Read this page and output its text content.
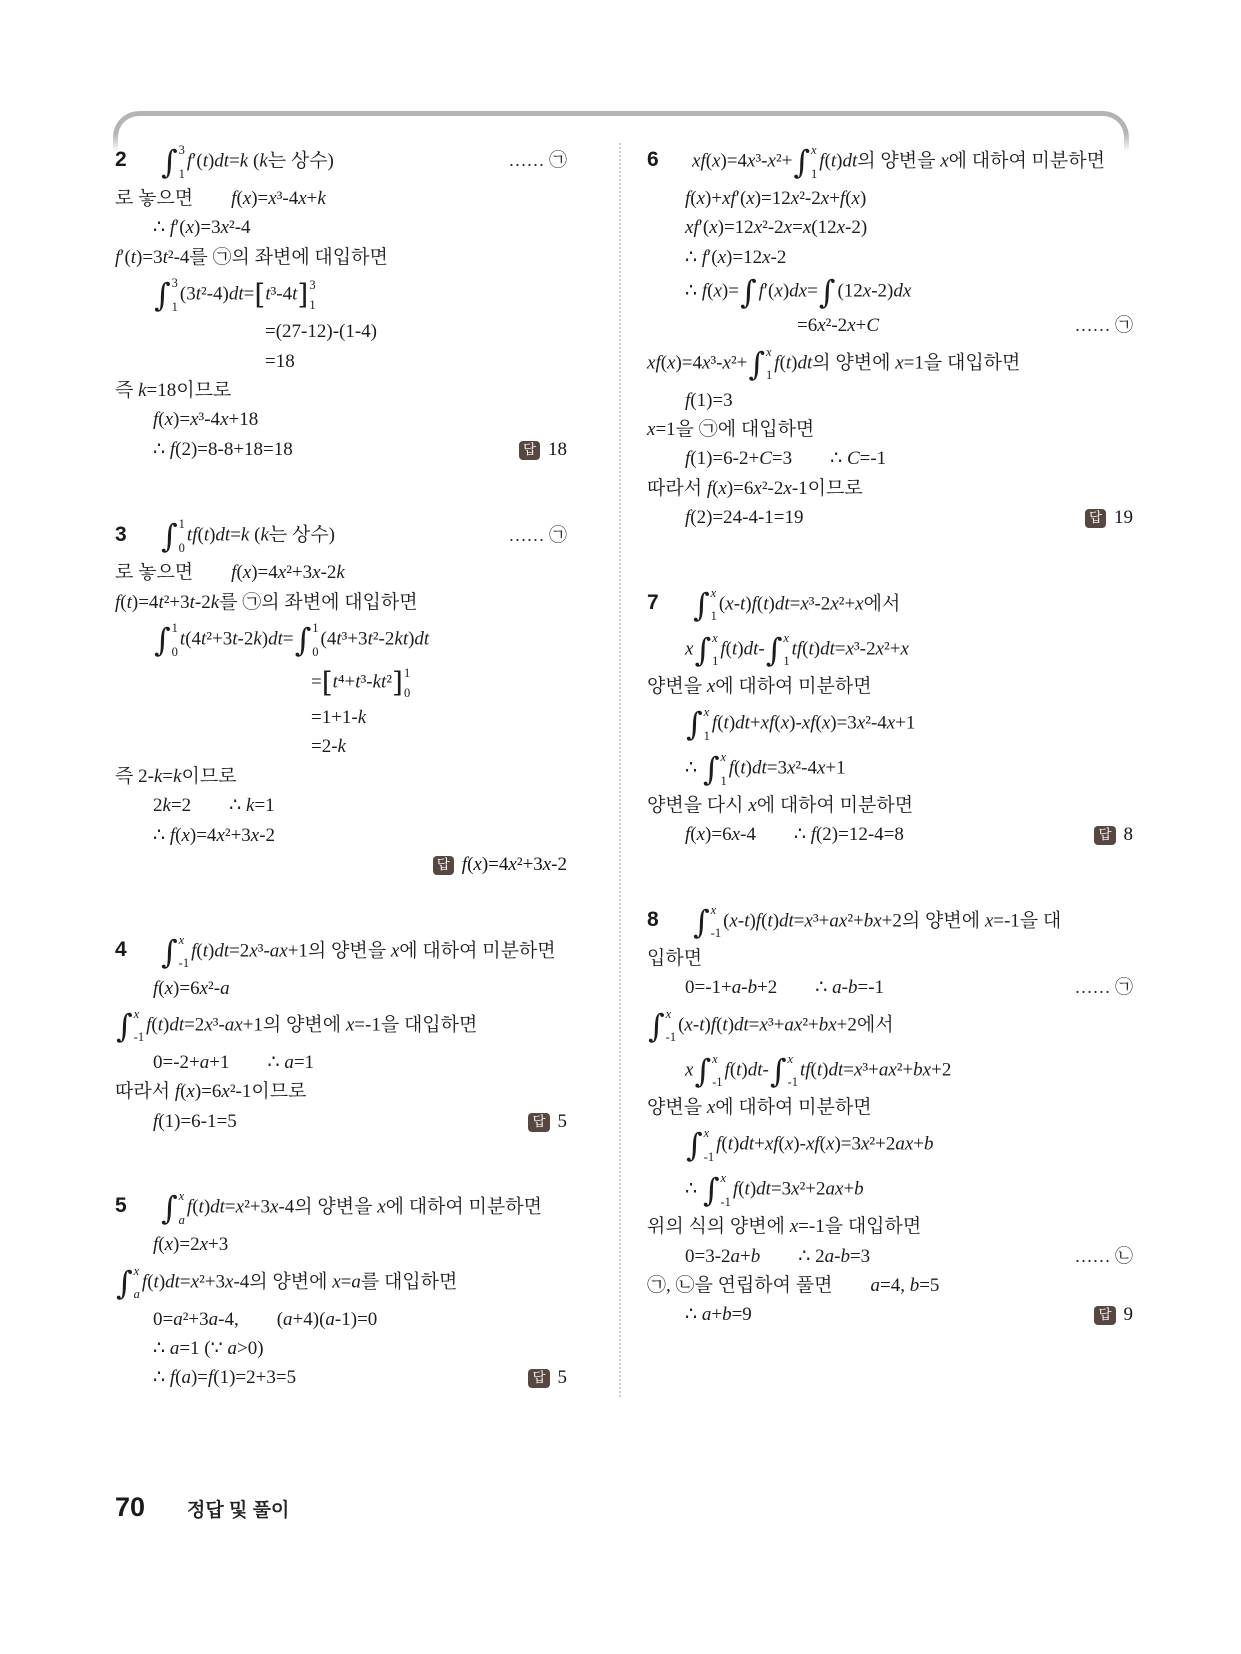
2	∫ 3
1
f′(t)dt=k (k는 상수)	…… ㉠
로 놓으면  f(x)=x³-4x+k
∴ f′(x)=3x²-4
f′(t)=3t²-4를 ㉠의 좌변에 대입하면
∫ 3
1
(3t²-4)dt=[t³-4t] 3
1
=(27-12)-(1-4)
=18
즉 k=18이므로
f(x)=x³-4x+18
∴ f(2)=8-8+18=18	답 18
3	∫ 1
0
tf(t)dt=k (k는 상수)	…… ㉠
로 놓으면  f(x)=4x²+3x-2k
f(t)=4t²+3t-2k를 ㉠의 좌변에 대입하면
∫ 1
0
t(4t²+3t-2k)dt= ∫ 1
0
(4t³+3t²-2kt)dt
=[t⁴+t³-kt²] 1
0
=1+1-k
=2-k
즉 2-k=k이므로
2k=2  ∴ k=1
∴ f(x)=4x²+3x-2
답 f(x)=4x²+3x-2
4	∫ x
-1
f(t)dt=2x³-ax+1의 양변을 x에 대하여 미분하면
f(x)=6x²-a
∫ x
-1
f(t)dt=2x³-ax+1의 양변에 x=-1을 대입하면
0=-2+a+1  ∴ a=1
따라서 f(x)=6x²-1이므로
f(1)=6-1=5	답 5
5	∫ x
a
f(t)dt=x²+3x-4의 양변을 x에 대하여 미분하면
f(x)=2x+3
∫ x
a
f(t)dt=x²+3x-4의 양변에 x=a를 대입하면
0=a²+3a-4,  (a+4)(a-1)=0
∴ a=1 (∵ a>0)
∴ f(a)=f(1)=2+3=5	답 5
6	xf(x)=4x³-x²+ ∫ x
1
f(t)dt의 양변을 x에 대하여 미분하면
f(x)+xf′(x)=12x²-2x+f(x)
xf′(x)=12x²-2x=x(12x-2)
∴ f′(x)=12x-2
∴ f(x)= ∫ f′(x)dx= ∫ (12x-2)dx
=6x²-2x+C	…… ㉠
xf(x)=4x³-x²+ ∫ x
1
f(t)dt의 양변에 x=1을 대입하면
f(1)=3
x=1을 ㉠에 대입하면
f(1)=6-2+C=3  ∴ C=-1
따라서 f(x)=6x²-2x-1이므로
f(2)=24-4-1=19	답 19
7	∫ x
1
(x-t)f(t)dt=x³-2x²+x에서
x ∫ x
1
f(t)dt- ∫ x
1
tf(t)dt=x³-2x²+x
양변을 x에 대하여 미분하면
∫ x
1
f(t)dt+xf(x)-xf(x)=3x²-4x+1
∴ ∫ x
1
f(t)dt=3x²-4x+1
양변을 다시 x에 대하여 미분하면
f(x)=6x-4  ∴ f(2)=12-4=8	답 8
8	∫ x
-1
(x-t)f(t)dt=x³+ax²+bx+2의 양변에 x=-1을 대
입하면
0=-1+a-b+2  ∴ a-b=-1	…… ㉠
∫ x
-1
(x-t)f(t)dt=x³+ax²+bx+2에서
x ∫ x
-1
f(t)dt- ∫ x
-1
tf(t)dt=x³+ax²+bx+2
양변을 x에 대하여 미분하면
∫ x
-1
f(t)dt+xf(x)-xf(x)=3x²+2ax+b
∴ ∫ x
-1
f(t)dt=3x²+2ax+b
위의 식의 양변에 x=-1을 대입하면
0=3-2a+b  ∴ 2a-b=3	…… ㉡
㉠, ㉡을 연립하여 풀면  a=4, b=5
∴ a+b=9	답 9
70 정답 및 풀이
